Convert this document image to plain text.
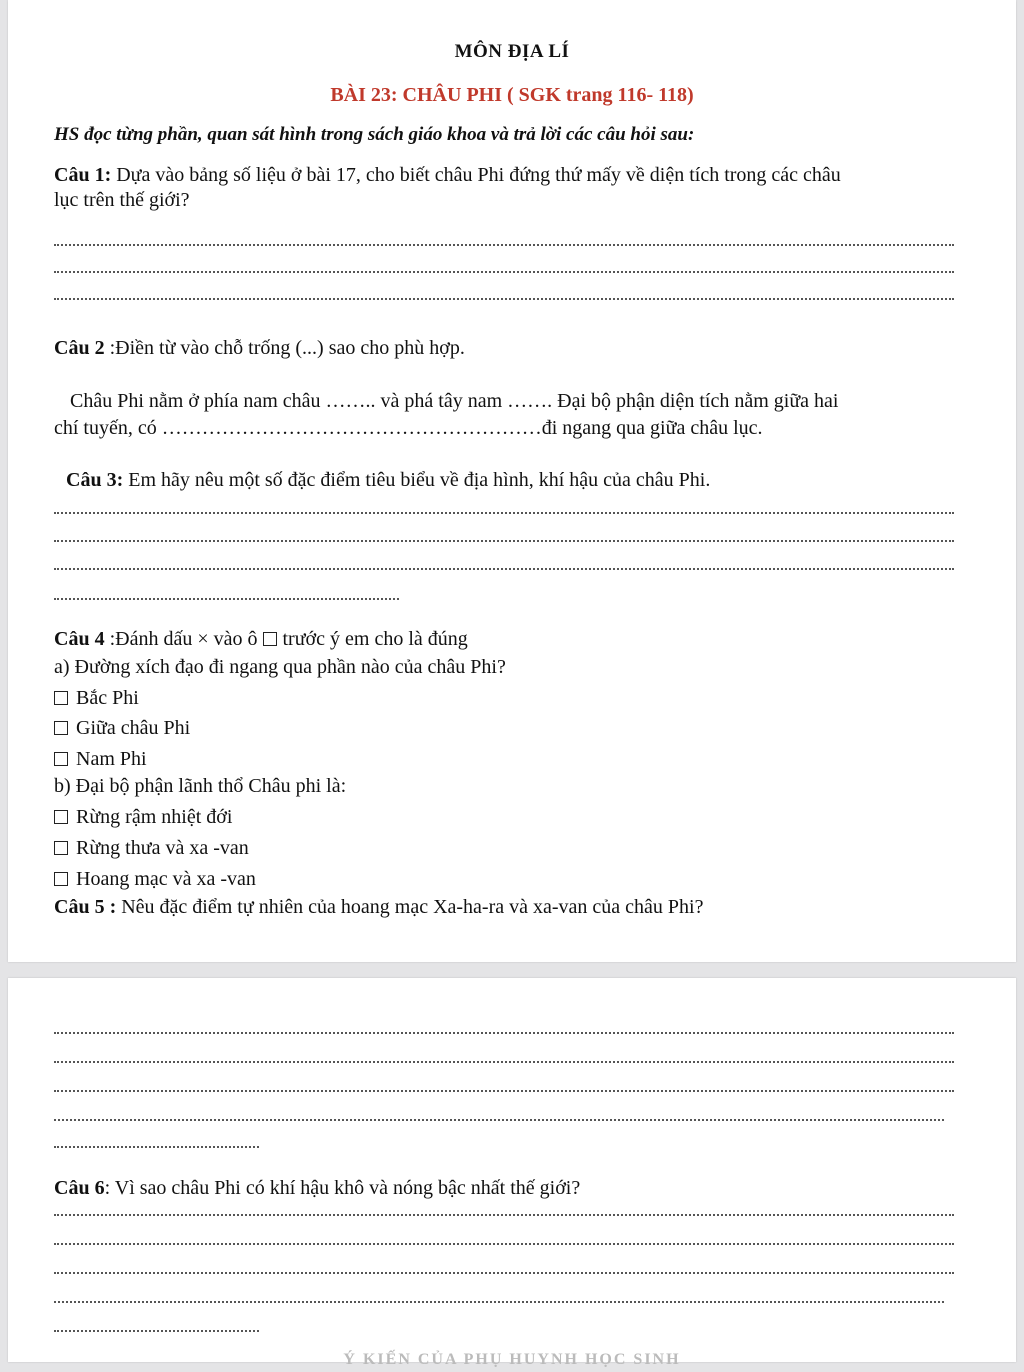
MÔN ĐỊA LÍ
BÀI 23: CHÂU PHI ( SGK trang 116- 118)
HS đọc từng phần, quan sát hình trong sách giáo khoa và trả lời các câu hỏi sau:
Câu 1: Dựa vào bảng số liệu ở bài 17, cho biết châu Phi đứng thứ mấy về diện tích trong các châu
lục trên thế giới?
Câu 2 :Điền từ vào chỗ trống (...) sao cho phù hợp.
Châu Phi nằm ở phía nam châu …….. và phá tây nam ……. Đại bộ phận diện tích nằm giữa hai
chí tuyến, có …………………………………………………đi ngang qua giữa châu lục.
Câu 3: Em hãy nêu một số đặc điểm tiêu biểu về địa hình, khí hậu của châu Phi.
Câu 4 :Đánh dấu × vào ô trước ý em cho là đúng
a) Đường xích đạo đi ngang qua phần nào của châu Phi?
Bắc Phi
Giữa châu Phi
Nam Phi
b) Đại bộ phận lãnh thổ Châu phi là:
Rừng rậm nhiệt đới
Rừng thưa và xa -van
Hoang mạc và xa -van
Câu 5 : Nêu đặc điểm tự nhiên của hoang mạc Xa-ha-ra và xa-van của châu Phi?
Câu 6: Vì sao châu Phi có khí hậu khô và nóng bậc nhất thế giới?
Ý KIẾN CỦA PHỤ HUYNH HỌC SINH
